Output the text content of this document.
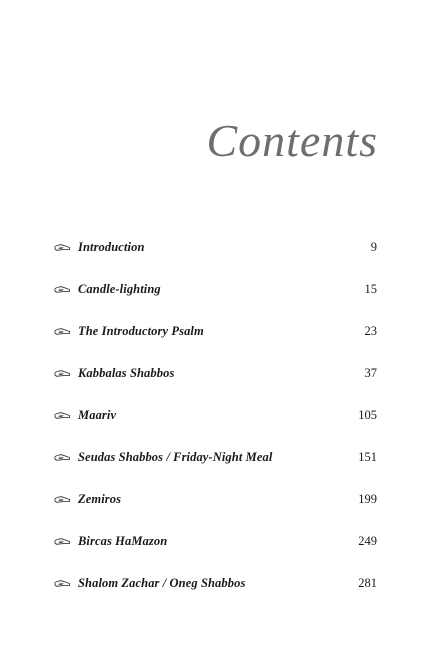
Contents
Introduction	9
Candle-lighting	15
The Introductory Psalm	23
Kabbalas Shabbos	37
Maariv	105
Seudas Shabbos / Friday-Night Meal	151
Zemiros	199
Bircas HaMazon	249
Shalom Zachar / Oneg Shabbos	281
